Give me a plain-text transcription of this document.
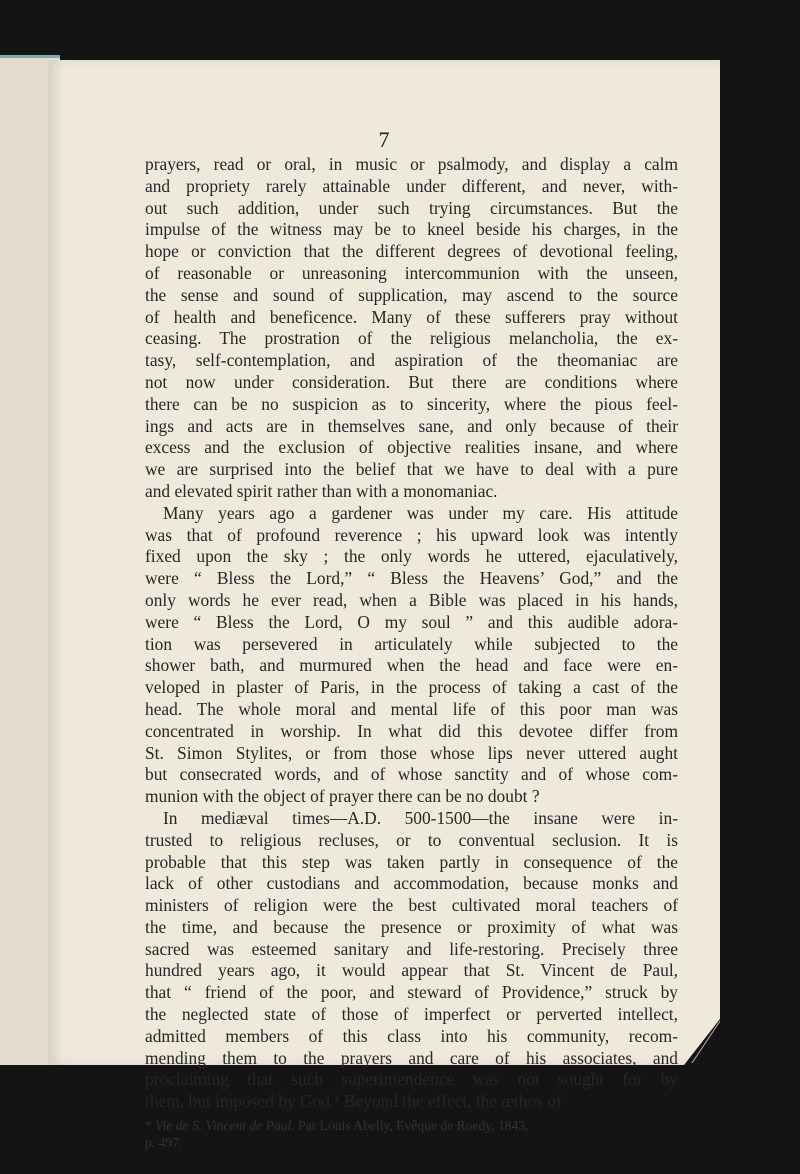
7
prayers, read or oral, in music or psalmody, and display a calm
and propriety rarely attainable under different, and never, with-
out such addition, under such trying circumstances. But the
impulse of the witness may be to kneel beside his charges, in the
hope or conviction that the different degrees of devotional feeling,
of reasonable or unreasoning intercommunion with the unseen,
the sense and sound of supplication, may ascend to the source
of health and beneficence. Many of these sufferers pray without
ceasing. The prostration of the religious melancholia, the ex-
tasy, self-contemplation, and aspiration of the theomaniac are
not now under consideration. But there are conditions where
there can be no suspicion as to sincerity, where the pious feel-
ings and acts are in themselves sane, and only because of their
excess and the exclusion of objective realities insane, and where
we are surprised into the belief that we have to deal with a pure
and elevated spirit rather than with a monomaniac.
Many years ago a gardener was under my care. His attitude
was that of profound reverence ; his upward look was intently
fixed upon the sky ; the only words he uttered, ejaculatively,
were “ Bless the Lord,” “ Bless the Heavens’ God,” and the
only words he ever read, when a Bible was placed in his hands,
were “ Bless the Lord, O my soul ” and this audible adora-
tion was persevered in articulately while subjected to the
shower bath, and murmured when the head and face were en-
veloped in plaster of Paris, in the process of taking a cast of the
head. The whole moral and mental life of this poor man was
concentrated in worship. In what did this devotee differ from
St. Simon Stylites, or from those whose lips never uttered aught
but consecrated words, and of whose sanctity and of whose com-
munion with the object of prayer there can be no doubt ?
In mediæval times—A.D. 500-1500—the insane were in-
trusted to religious recluses, or to conventual seclusion. It is
probable that this step was taken partly in consequence of the
lack of other custodians and accommodation, because monks and
ministers of religion were the best cultivated moral teachers of
the time, and because the presence or proximity of what was
sacred was esteemed sanitary and life-restoring. Precisely three
hundred years ago, it would appear that St. Vincent de Paul,
that “ friend of the poor, and steward of Providence,” struck by
the neglected state of those of imperfect or perverted intellect,
admitted members of this class into his community, recom-
mending them to the prayers and care of his associates, and
proclaiming that such superintendence was not sought for by
them, but imposed by God.¹ Beyond the effect, the œthos of
* Vie de S. Vincent de Paul. Par Louis Abelly, Evêque de Roedy, 1843,
p. 497.
